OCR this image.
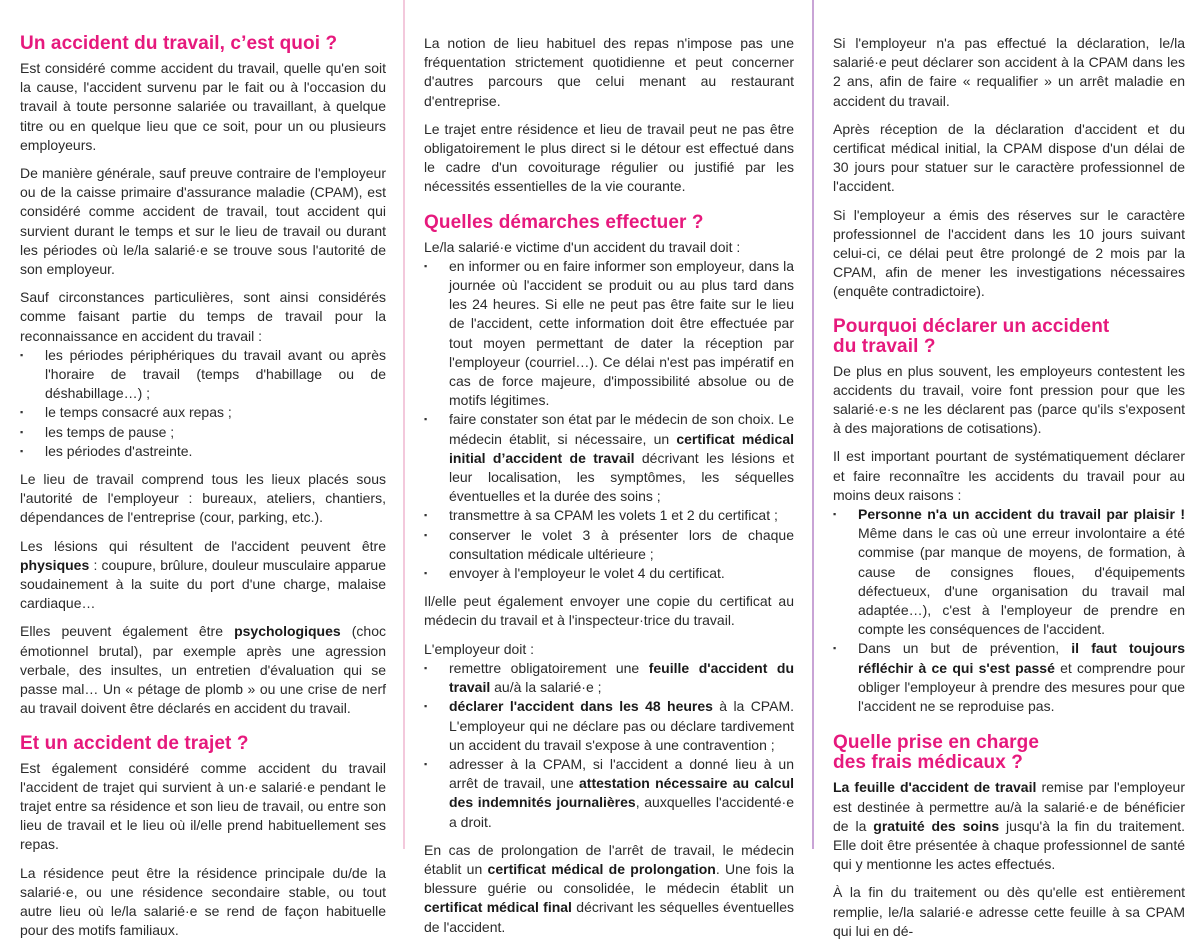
Un accident du travail, c’est quoi ?

Est considéré comme accident du travail, quelle qu'en soit la cause, l'accident survenu par le fait ou à l'occasion du travail à toute personne salariée ou travaillant, à quelque titre ou en quelque lieu que ce soit, pour un ou plusieurs employeurs.

De manière générale, sauf preuve contraire de l'employeur ou de la caisse primaire d'assurance maladie (CPAM), est considéré comme accident de travail, tout accident qui survient durant le temps et sur le lieu de travail ou durant les périodes où le/la salarié·e se trouve sous l'autorité de son employeur.

Sauf circonstances particulières, sont ainsi considérés comme faisant partie du temps de travail pour la reconnaissance en accident du travail :

▪ les périodes périphériques du travail avant ou après l'horaire de travail (temps d'habillage ou de déshabillage…) ;
▪ le temps consacré aux repas ;
▪ les temps de pause ;
▪ les périodes d'astreinte.

Le lieu de travail comprend tous les lieux placés sous l'autorité de l'employeur : bureaux, ateliers, chantiers, dépendances de l'entreprise (cour, parking, etc.).

Les lésions qui résultent de l'accident peuvent être physiques : coupure, brûlure, douleur musculaire apparue soudainement à la suite du port d'une charge, malaise cardiaque…

Elles peuvent également être psychologiques (choc émotionnel brutal), par exemple après une agression verbale, des insultes, un entretien d'évaluation qui se passe mal… Un « pétage de plomb » ou une crise de nerf au travail doivent être déclarés en accident du travail.

Et un accident de trajet ?

Est également considéré comme accident du travail l'accident de trajet qui survient à un·e salarié·e pendant le trajet entre sa résidence et son lieu de travail, ou entre son lieu de travail et le lieu où il/elle prend habituellement ses repas.

La résidence peut être la résidence principale du/de la salarié·e, ou une résidence secondaire stable, ou tout autre lieu où le/la salarié·e se rend de façon habituelle pour des motifs familiaux.

La notion de lieu habituel des repas n'impose pas une fréquentation strictement quotidienne et peut concerner d'autres parcours que celui menant au restaurant d'entreprise.

Le trajet entre résidence et lieu de travail peut ne pas être obligatoirement le plus direct si le détour est effectué dans le cadre d'un covoiturage régulier ou justifié par les nécessités essentielles de la vie courante.

Quelles démarches effectuer ?

Le/la salarié·e victime d'un accident du travail doit :

▪ en informer ou en faire informer son employeur, dans la journée où l'accident se produit ou au plus tard dans les 24 heures. Si elle ne peut pas être faite sur le lieu de l'accident, cette information doit être effectuée par tout moyen permettant de dater la réception par l'employeur (courriel…). Ce délai n'est pas impératif en cas de force majeure, d'impossibilité absolue ou de motifs légitimes.
▪ faire constater son état par le médecin de son choix. Le médecin établit, si nécessaire, un certificat médical initial d’accident de travail décrivant les lésions et leur localisation, les symptômes, les séquelles éventuelles et la durée des soins ;
▪ transmettre à sa CPAM les volets 1 et 2 du certificat ;
▪ conserver le volet 3 à présenter lors de chaque consultation médicale ultérieure ;
▪ envoyer à l'employeur le volet 4 du certificat.

Il/elle peut également envoyer une copie du certificat au médecin du travail et à l'inspecteur·trice du travail.

L'employeur doit :

▪ remettre obligatoirement une feuille d'accident du travail au/à la salarié·e ;
▪ déclarer l'accident dans les 48 heures à la CPAM. L'employeur qui ne déclare pas ou déclare tardivement un accident du travail s'expose à une contravention ;
▪ adresser à la CPAM, si l'accident a donné lieu à un arrêt de travail, une attestation nécessaire au calcul des indemnités journalières, auxquelles l'accidenté·e a droit.

En cas de prolongation de l'arrêt de travail, le médecin établit un certificat médical de prolongation. Une fois la blessure guérie ou consolidée, le médecin établit un certificat médical final décrivant les séquelles éventuelles de l'accident.

Si l'employeur n'a pas effectué la déclaration, le/la salarié·e peut déclarer son accident à la CPAM dans les 2 ans, afin de faire « requalifier » un arrêt maladie en accident du travail.

Après réception de la déclaration d'accident et du certificat médical initial, la CPAM dispose d'un délai de 30 jours pour statuer sur le caractère professionnel de l'accident.

Si l'employeur a émis des réserves sur le caractère professionnel de l'accident dans les 10 jours suivant celui-ci, ce délai peut être prolongé de 2 mois par la CPAM, afin de mener les investigations nécessaires (enquête contradictoire).

Pourquoi déclarer un accident du travail ?

De plus en plus souvent, les employeurs contestent les accidents du travail, voire font pression pour que les salarié·e·s ne les déclarent pas (parce qu'ils s'exposent à des majorations de cotisations).

Il est important pourtant de systématiquement déclarer et faire reconnaître les accidents du travail pour au moins deux raisons :

▪ Personne n'a un accident du travail par plaisir ! Même dans le cas où une erreur involontaire a été commise (par manque de moyens, de formation, à cause de consignes floues, d'équipements défectueux, d'une organisation du travail mal adaptée…), c'est à l'employeur de prendre en compte les conséquences de l'accident.
▪ Dans un but de prévention, il faut toujours réfléchir à ce qui s'est passé et comprendre pour obliger l'employeur à prendre des mesures pour que l'accident ne se reproduise pas.
Quelle prise en charge des frais médicaux ?

La feuille d'accident de travail remise par l'employeur est destinée à permettre au/à la salarié·e de bénéficier de la gratuité des soins jusqu'à la fin du traitement. Elle doit être présentée à chaque professionnel de santé qui y mentionne les actes effectués.

À la fin du traitement ou dès qu'elle est entièrement remplie, le/la salarié·e adresse cette feuille à sa CPAM qui lui en dé-
